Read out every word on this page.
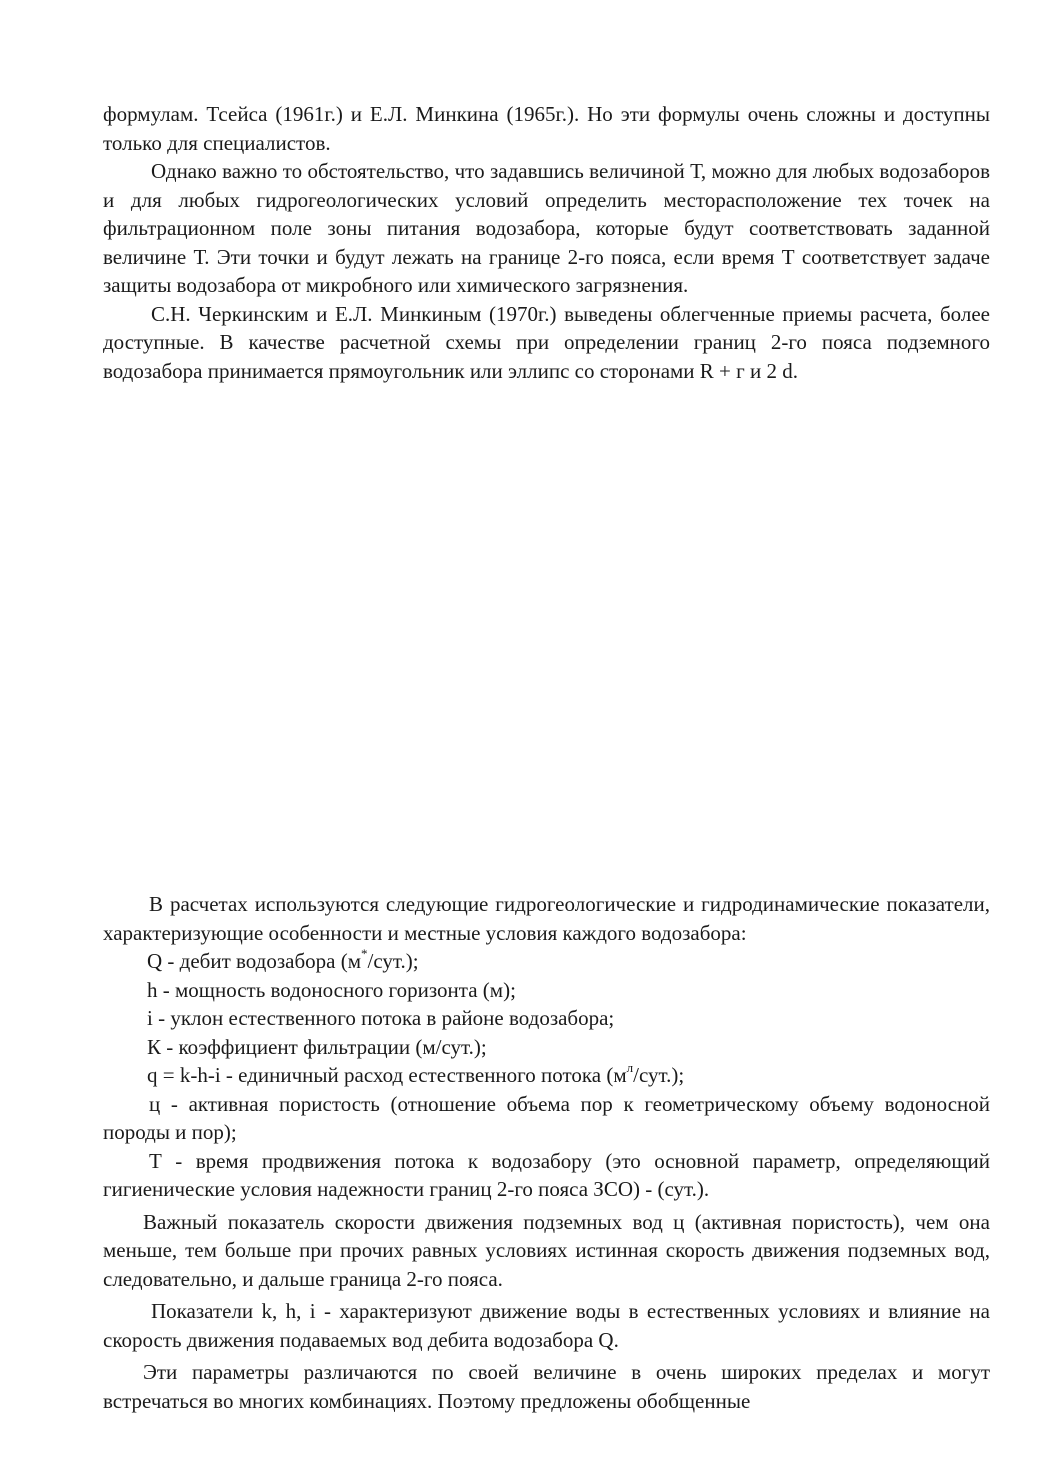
формулам. Тсейса (1961г.) и Е.Л. Минкина (1965г.). Но эти формулы очень сложны и доступны только для специалистов.

Однако важно то обстоятельство, что задавшись величиной Т, можно для любых водозаборов и для любых гидрогеологических условий определить месторасположение тех точек на фильтрационном поле зоны питания водозабора, которые будут соответствовать заданной величине Т. Эти точки и будут лежать на границе 2-го пояса, если время Т соответствует задаче защиты водозабора от микробного или химического загрязнения.

С.Н. Черкинским и Е.Л. Минкиным (1970г.) выведены облегченные приемы расчета, более доступные. В качестве расчетной схемы при определении границ 2-го пояса подземного водозабора принимается прямоугольник или эллипс со сторонами R + г и 2 d.

В расчетах используются следующие гидрогеологические и гидродинамические показатели, характеризующие особенности и местные условия каждого водозабора:

Q - дебит водозабора (м*/сут.);

h - мощность водоносного горизонта (м);

i - уклон естественного потока в районе водозабора;

К - коэффициент фильтрации (м/сут.);

q = k-h-i - единичный расход естественного потока $(м^л/сут.)$;

ц - активная пористость (отношение объема пор к геометрическому объему водоносной породы и пор);

Т - время продвижения потока к водозабору (это основной параметр, определяющий гигиенические условия надежности границ 2-го пояса ЗСО) - (сут.).

Важный показатель скорости движения подземных вод ц (активная пористость), чем она меньше, тем больше при прочих равных условиях истинная скорость движения подземных вод, следовательно, и дальше граница 2-го пояса.

Показатели k, h, i - характеризуют движение воды в естественных условиях и влияние на скорость движения подаваемых вод дебита водозабора Q.

Эти параметры различаются по своей величине в очень широких пределах и могут встречаться во многих комбинациях. Поэтому предложены обобщенные
